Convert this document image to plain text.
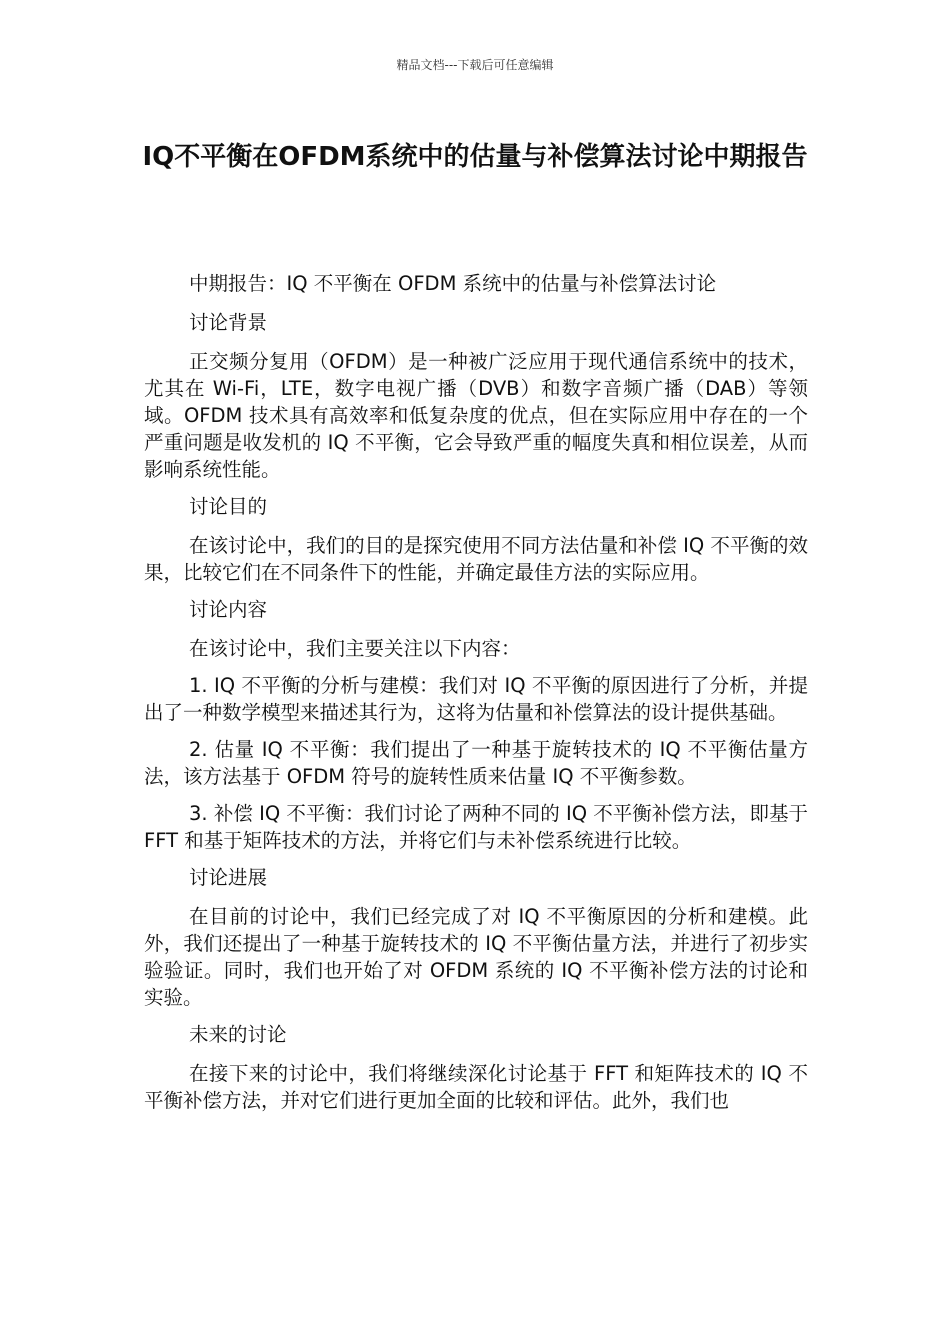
精品文档---下载后可任意编辑
IQ不平衡在OFDM系统中的估量与补偿算法讨论中期报告

中期报告：IQ 不平衡在 OFDM 系统中的估量与补偿算法讨论

讨论背景

正交频分复用（OFDM）是一种被广泛应用于现代通信系统中的技术，尤其在 Wi-Fi，LTE，数字电视广播（DVB）和数字音频广播（DAB）等领域。OFDM 技术具有高效率和低复杂度的优点，但在实际应用中存在的一个严重问题是收发机的 IQ 不平衡，它会导致严重的幅度失真和相位误差，从而影响系统性能。

讨论目的

在该讨论中，我们的目的是探究使用不同方法估量和补偿 IQ 不平衡的效果，比较它们在不同条件下的性能，并确定最佳方法的实际应用。

讨论内容

在该讨论中，我们主要关注以下内容：

1. IQ 不平衡的分析与建模：我们对 IQ 不平衡的原因进行了分析，并提出了一种数学模型来描述其行为，这将为估量和补偿算法的设计提供基础。

2. 估量 IQ 不平衡：我们提出了一种基于旋转技术的 IQ 不平衡估量方法，该方法基于 OFDM 符号的旋转性质来估量 IQ 不平衡参数。

3. 补偿 IQ 不平衡：我们讨论了两种不同的 IQ 不平衡补偿方法，即基于 FFT 和基于矩阵技术的方法，并将它们与未补偿系统进行比较。

讨论进展

在目前的讨论中，我们已经完成了对 IQ 不平衡原因的分析和建模。此外，我们还提出了一种基于旋转技术的 IQ 不平衡估量方法，并进行了初步实验验证。同时，我们也开始了对 OFDM 系统的 IQ 不平衡补偿方法的讨论和实验。

未来的讨论

在接下来的讨论中，我们将继续深化讨论基于 FFT 和矩阵技术的 IQ 不平衡补偿方法，并对它们进行更加全面的比较和评估。此外，我们也
